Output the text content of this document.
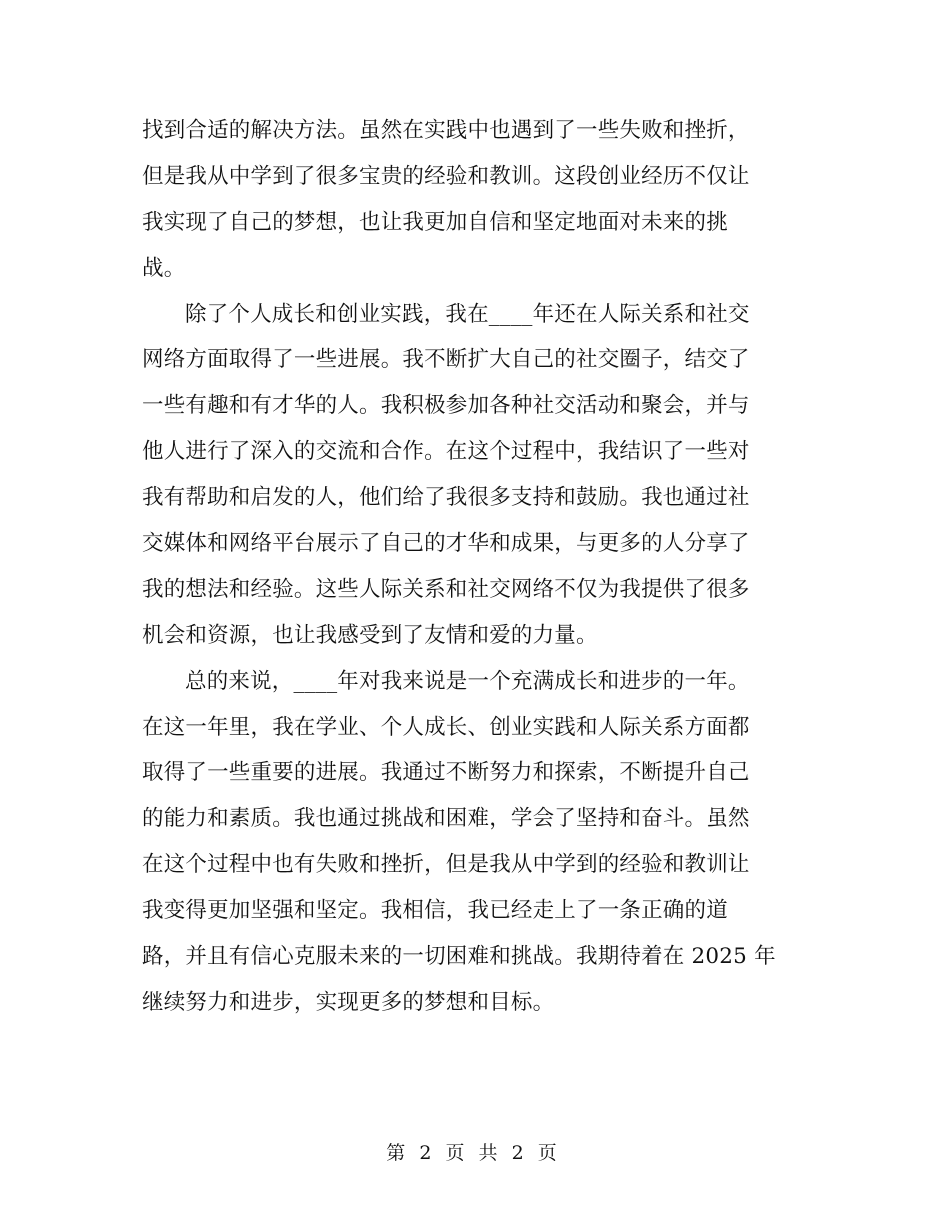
找到合适的解决方法。虽然在实践中也遇到了一些失败和挫折，
但是我从中学到了很多宝贵的经验和教训。这段创业经历不仅让
我实现了自己的梦想，也让我更加自信和坚定地面对未来的挑
战。
除了个人成长和创业实践，我在____年还在人际关系和社交
网络方面取得了一些进展。我不断扩大自己的社交圈子，结交了
一些有趣和有才华的人。我积极参加各种社交活动和聚会，并与
他人进行了深入的交流和合作。在这个过程中，我结识了一些对
我有帮助和启发的人，他们给了我很多支持和鼓励。我也通过社
交媒体和网络平台展示了自己的才华和成果，与更多的人分享了
我的想法和经验。这些人际关系和社交网络不仅为我提供了很多
机会和资源，也让我感受到了友情和爱的力量。
总的来说，____年对我来说是一个充满成长和进步的一年。
在这一年里，我在学业、个人成长、创业实践和人际关系方面都
取得了一些重要的进展。我通过不断努力和探索，不断提升自己
的能力和素质。我也通过挑战和困难，学会了坚持和奋斗。虽然
在这个过程中也有失败和挫折，但是我从中学到的经验和教训让
我变得更加坚强和坚定。我相信，我已经走上了一条正确的道
路，并且有信心克服未来的一切困难和挑战。我期待着在 2025 年
继续努力和进步，实现更多的梦想和目标。
第 2 页 共 2 页
